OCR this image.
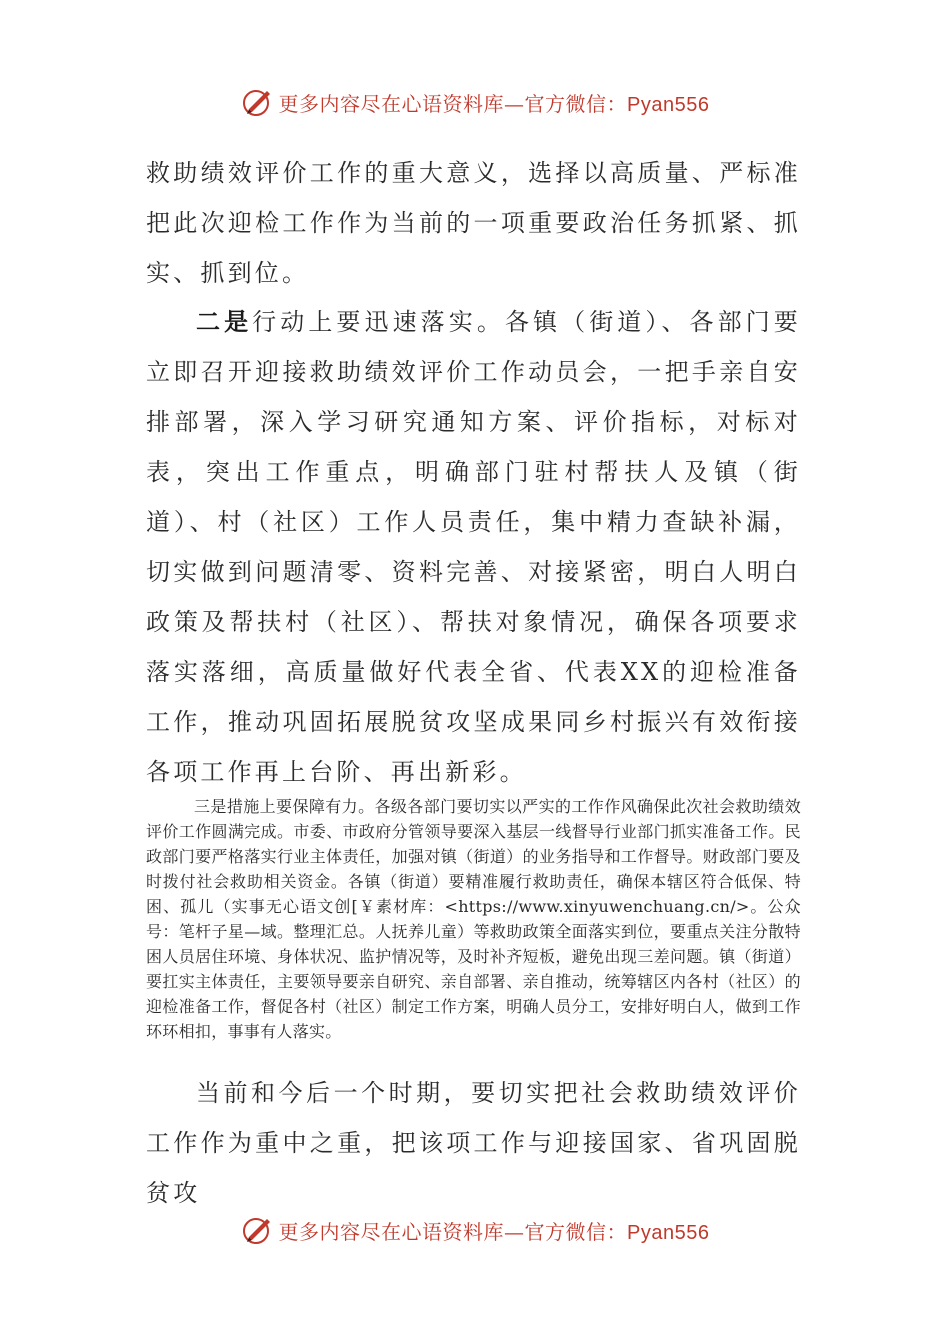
更多内容尽在心语资料库—官方微信：Pyan556

救助绩效评价工作的重大意义，选择以高质量、严标准把此次迎检工作作为当前的一项重要政治任务抓紧、抓实、抓到位。

二是行动上要迅速落实。各镇（街道）、各部门要立即召开迎接救助绩效评价工作动员会，一把手亲自安排部署，深入学习研究通知方案、评价指标，对标对表，突出工作重点，明确部门驻村帮扶人及镇（街道）、村（社区）工作人员责任，集中精力查缺补漏，切实做到问题清零、资料完善、对接紧密，明白人明白政策及帮扶村（社区）、帮扶对象情况，确保各项要求落实落细，高质量做好代表全省、代表XX的迎检准备工作，推动巩固拓展脱贫攻坚成果同乡村振兴有效衔接各项工作再上台阶、再出新彩。

三是措施上要保障有力。各级各部门要切实以严实的工作作风确保此次社会救助绩效评价工作圆满完成。市委、市政府分管领导要深入基层一线督导行业部门抓实准备工作。民政部门要严格落实行业主体责任，加强对镇（街道）的业务指导和工作督导。财政部门要及时拨付社会救助相关资金。各镇（街道）要精准履行救助责任，确保本辖区符合低保、特困、孤儿（实事无心语文创[￥素材库：<https://www.xinyuwenchuang.cn/>。公众号：笔杆子星—域。整理汇总。人抚养儿童）等救助政策全面落实到位，要重点关注分散特困人员居住环境、身体状况、监护情况等，及时补齐短板，避免出现三差问题。镇（街道）要扛实主体责任，主要领导要亲自研究、亲自部署、亲自推动，统筹辖区内各村（社区）的迎检准备工作，督促各村（社区）制定工作方案，明确人员分工，安排好明白人，做到工作环环相扣，事事有人落实。

当前和今后一个时期，要切实把社会救助绩效评价工作作为重中之重，把该项工作与迎接国家、省巩固脱贫攻

更多内容尽在心语资料库—官方微信：Pyan556
